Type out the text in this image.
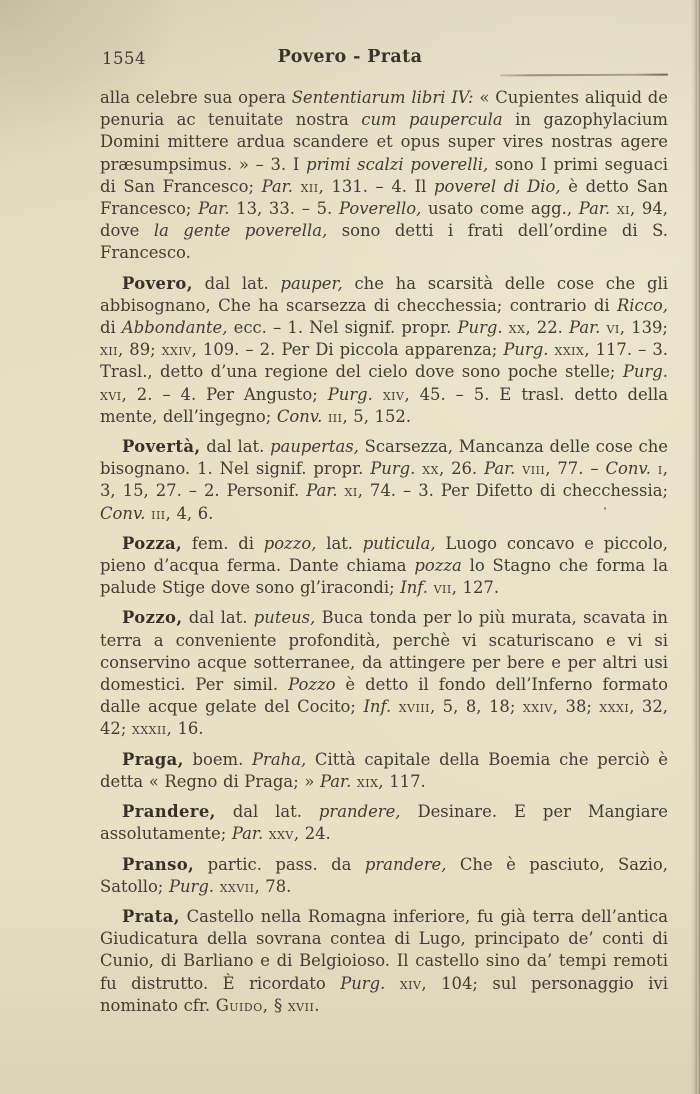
1554	Povero - Prata

alla celebre sua opera Sententiarum libri IV: « Cupientes aliquid de penuria ac tenuitate nostra cum paupercula in gazophylacium Domini mittere ardua scandere et opus super vires nostras agere præsumpsimus. » – 3. I primi scalzi poverelli, sono I primi seguaci di San Francesco; Par. xii, 131. – 4. Il poverel di Dio, è detto San Francesco; Par. 13, 33. – 5. Poverello, usato come agg., Par. xi, 94, dove la gente poverella, sono detti i frati dell’ordine di S. Francesco.

Povero, dal lat. pauper, che ha scarsità delle cose che gli abbisognano, Che ha scarsezza di checchessia; contrario di Ricco, di Abbondante, ecc. – 1. Nel signif. propr. Purg. xx, 22. Par. vi, 139; xii, 89; xxiv, 109. – 2. Per Di piccola apparenza; Purg. xxix, 117. – 3. Trasl., detto d’una regione del cielo dove sono poche stelle; Purg. xvi, 2. – 4. Per Angusto; Purg. xiv, 45. – 5. E trasl. detto della mente, dell’ingegno; Conv. iii, 5, 152.

Povertà, dal lat. paupertas, Scarsezza, Mancanza delle cose che bisognano. 1. Nel signif. propr. Purg. xx, 26. Par. viii, 77. – Conv. i, 3, 15, 27. – 2. Personif. Par. xi, 74. – 3. Per Difetto di checchessia; Conv. iii, 4, 6.

Pozza, fem. di pozzo, lat. puticula, Luogo concavo e piccolo, pieno d’acqua ferma. Dante chiama pozza lo Stagno che forma la palude Stige dove sono gl’iracondi; Inf. vii, 127.

Pozzo, dal lat. puteus, Buca tonda per lo più murata, scavata in terra a conveniente profondità, perchè vi scaturiscano e vi si conservino acque sotterranee, da attingere per bere e per altri usi domestici. Per simil. Pozzo è detto il fondo dell’Inferno formato dalle acque gelate del Cocito; Inf. xviii, 5, 8, 18; xxiv, 38; xxxi, 32, 42; xxxii, 16.

Praga, boem. Praha, Città capitale della Boemia che perciò è detta « Regno di Praga; » Par. xix, 117.

Prandere, dal lat. prandere, Desinare. E per Mangiare assolutamente; Par. xxv, 24.

Pranso, partic. pass. da prandere, Che è pasciuto, Sazio, Satollo; Purg. xxvii, 78.

Prata, Castello nella Romagna inferiore, fu già terra dell’antica Giudicatura della sovrana contea di Lugo, principato de’ conti di Cunio, di Barliano e di Belgioioso. Il castello sino da’ tempi remoti fu distrutto. È ricordato Purg. xiv, 104; sul personaggio ivi nominato cfr. Guido, § xvii.
